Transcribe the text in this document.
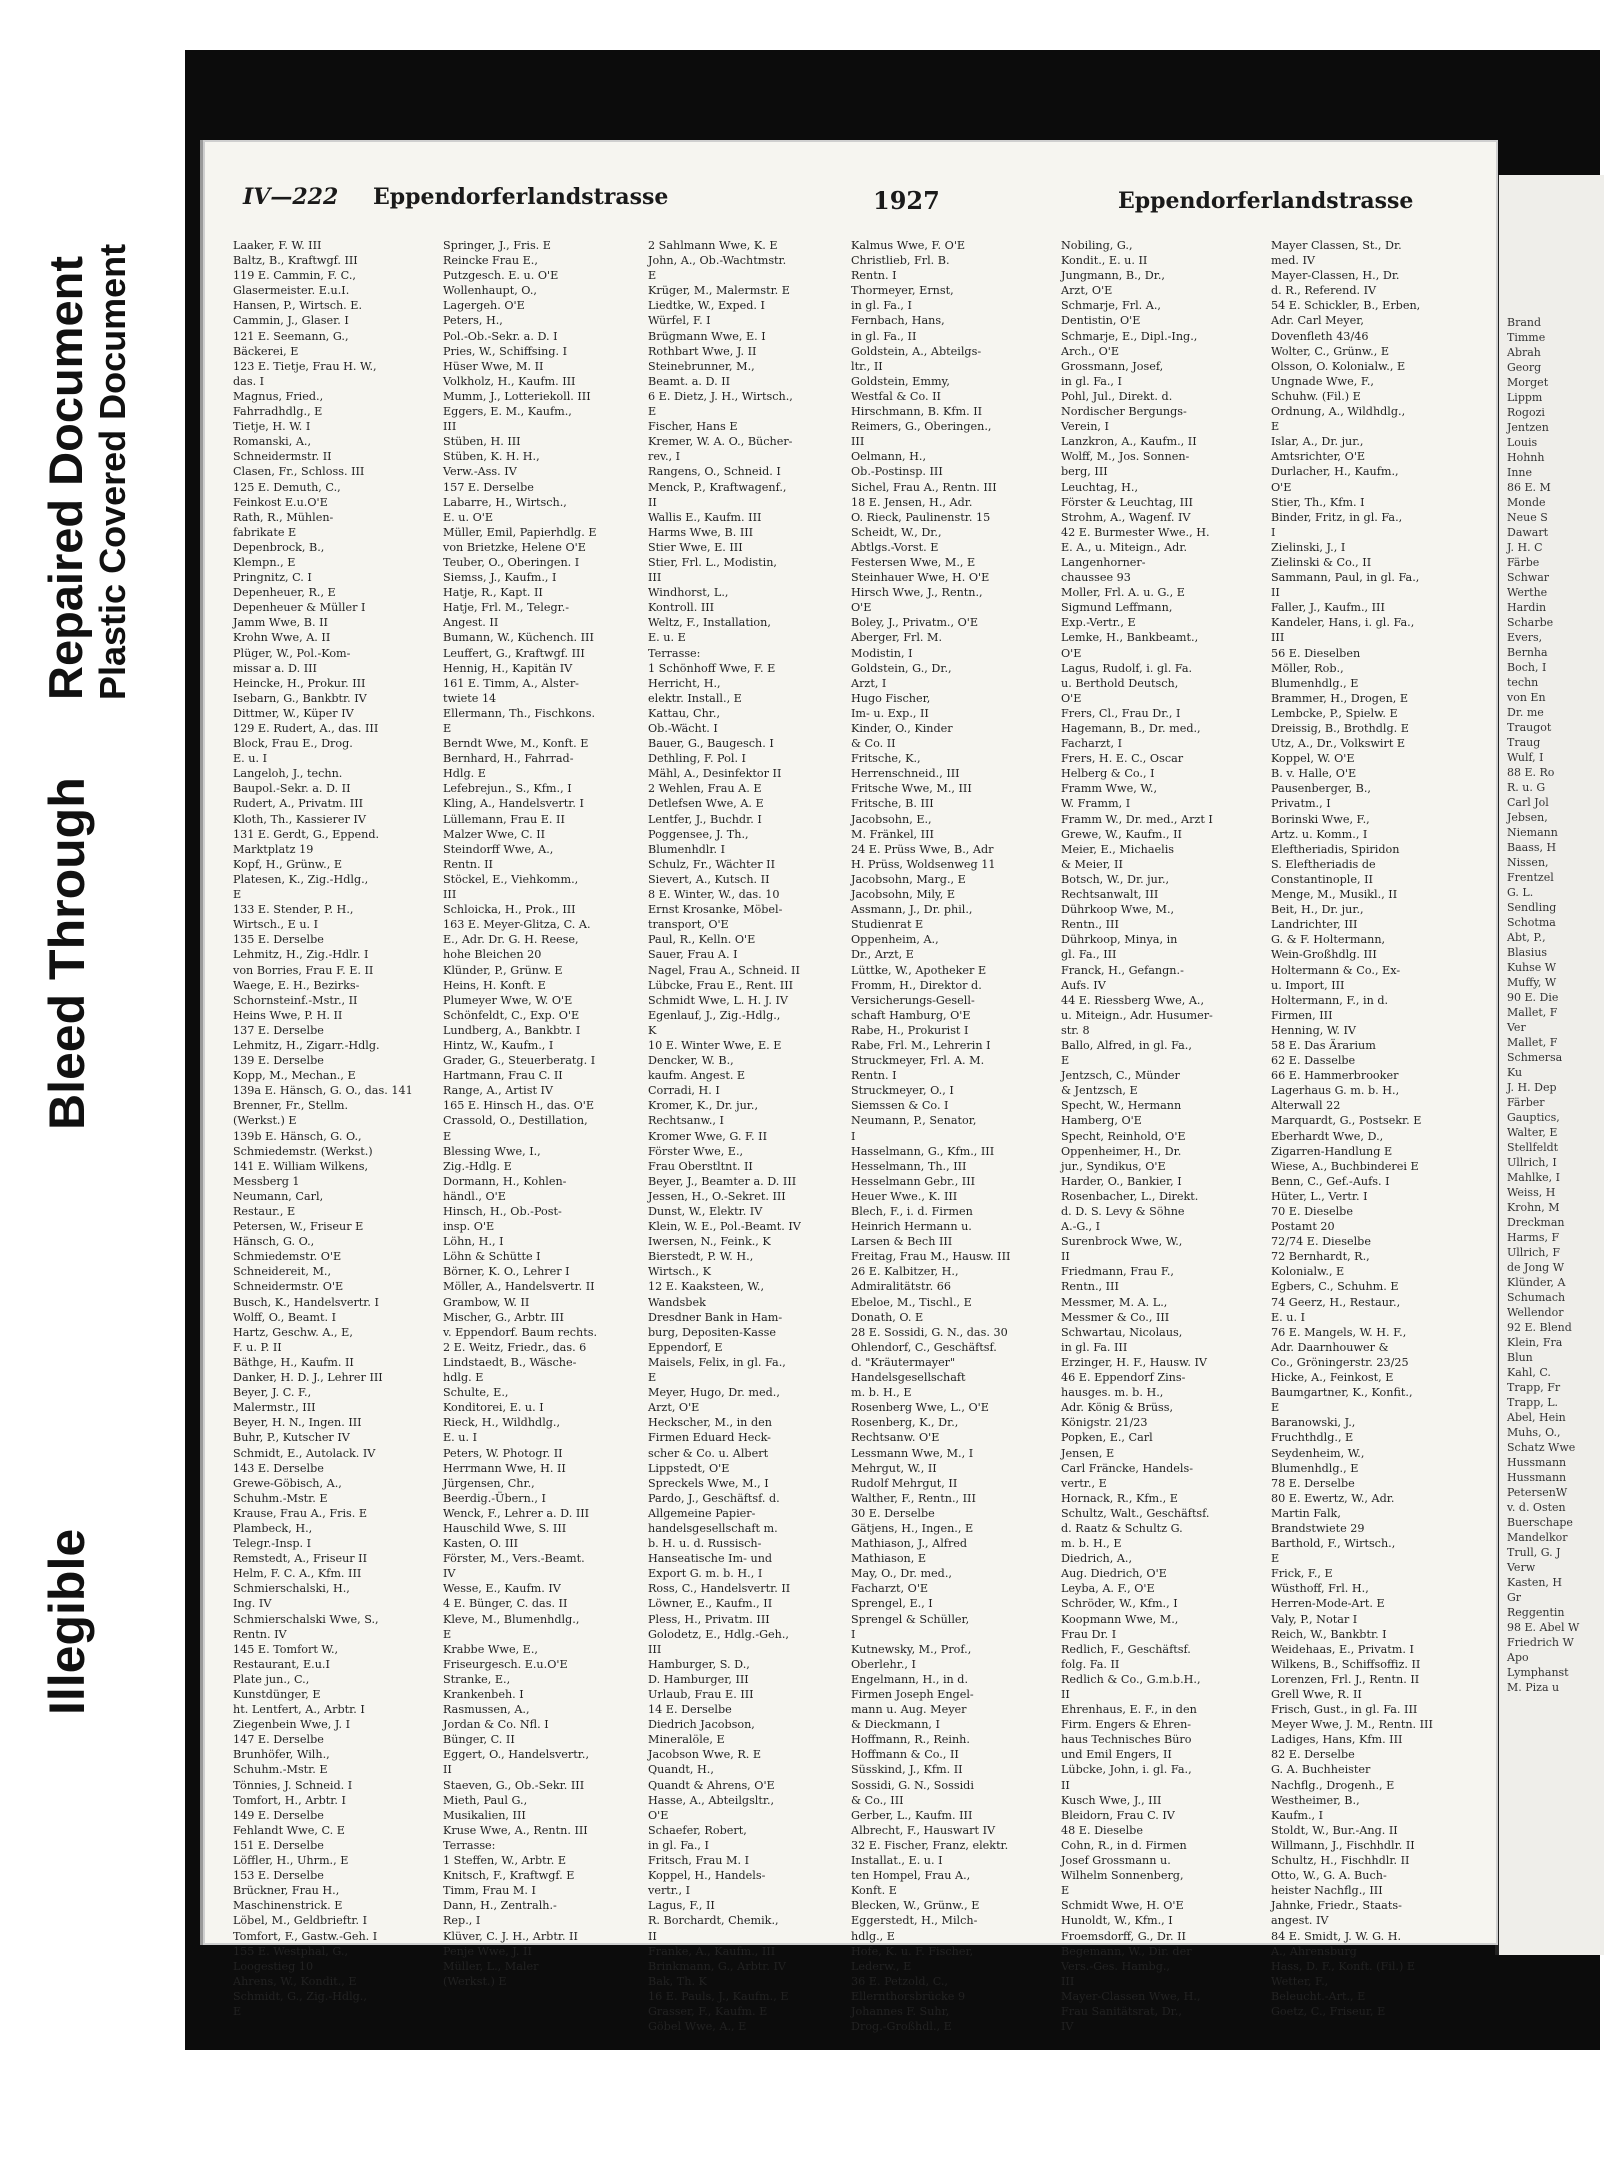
Illegible
Bleed Through
Repaired Document Plastic Covered Document	Brand
Timme
Abrah
Georg
Morget
Lippm
Rogozi
Jentzen
Louis
Hohnh
Inne
86 E. M
Monde
Neue S
Dawart
J. H. C
Färbe
Schwar
Werthe
Hardin
Scharbe
Evers,
Bernha
Boch, I
techn
von En
Dr. me
Traugot
Traug
Wulf, I
88 E. Ro
R. u. G
Carl Jol
Jebsen,
Niemann
Baass, H
Nissen,
Frentzel
G. L.
Sendling
Schotma
Abt, P.,
Blasius
Kuhse W
Muffy, W
90 E. Die
Mallet, F
Ver
Mallet, F
Schmersa
Ku
J. H. Dep
Färber
Gauptics,
Walter, E
Stellfeldt
Ullrich, I
Mahlke, I
Weiss, H
Krohn, M
Dreckman
Harms, F
Ullrich, F
de Jong W
Klünder, A
Schumach
Wellendor
92 E. Blend
Klein, Fra
Blun
Kahl, C.
Trapp, Fr
Trapp, L.
Abel, Hein
Muhs, O.,
Schatz Wwe
Hussmann
Hussmann
PetersenW
v. d. Osten
Buerschape
Mandelkor
Trull, G. J
Verw
Kasten, H
Gr
Reggentin
98 E. Abel W
Friedrich W
Apo
Lymphanst
M. Piza u
IV—222 Eppendorferlandstrasse	1927	Eppendorferlandstrasse
Laaker, F. W. III
Baltz, B., Kraftwgf. III
119 E. Cammin, F. C.,
Glasermeister. E.u.I.
Hansen, P., Wirtsch. E.
Cammin, J., Glaser. I
121 E. Seemann, G.,
Bäckerei, E
123 E. Tietje, Frau H. W.,
das. I
Magnus, Fried.,
Fahrradhdlg., E
Tietje, H. W. I
Romanski, A.,
Schneidermstr. II
Clasen, Fr., Schloss. III
125 E. Demuth, C.,
Feinkost E.u.O'E
Rath, R., Mühlen-
fabrikate E
Depenbrock, B.,
Klempn., E
Pringnitz, C. I
Depenheuer, R., E
Depenheuer & Müller I
Jamm Wwe, B. II
Krohn Wwe, A. II
Plüger, W., Pol.-Kom-
missar a. D. III
Heincke, H., Prokur. III
Isebarn, G., Bankbtr. IV
Dittmer, W., Küper IV
129 E. Rudert, A., das. III
Block, Frau E., Drog.
E. u. I
Langeloh, J., techn.
Baupol.-Sekr. a. D. II
Rudert, A., Privatm. III
Kloth, Th., Kassierer IV
131 E. Gerdt, G., Eppend.
Marktplatz 19
Kopf, H., Grünw., E
Platesen, K., Zig.-Hdlg.,
E
133 E. Stender, P. H.,
Wirtsch., E u. I
135 E. Derselbe
Lehmitz, H., Zig.-Hdlr. I
von Borries, Frau F. E. II
Waege, E. H., Bezirks-
Schornsteinf.-Mstr., II
Heins Wwe, P. H. II
137 E. Derselbe
Lehmitz, H., Zigarr.-Hdlg.
139 E. Derselbe
Kopp, M., Mechan., E
139a E. Hänsch, G. O., das. 141
Brenner, Fr., Stellm.
(Werkst.) E
139b E. Hänsch, G. O.,
Schmiedemstr. (Werkst.)
141 E. William Wilkens,
Messberg 1
Neumann, Carl,
Restaur., E
Petersen, W., Friseur E
Hänsch, G. O.,
Schmiedemstr. O'E
Schneidereit, M.,
Schneidermstr. O'E
Busch, K., Handelsvertr. I
Wolff, O., Beamt. I
Hartz, Geschw. A., E,
F. u. P. II
Bäthge, H., Kaufm. II
Danker, H. D. J., Lehrer III
Beyer, J. C. F.,
Malermstr., III
Beyer, H. N., Ingen. III
Buhr, P., Kutscher IV
Schmidt, E., Autolack. IV
143 E. Derselbe
Grewe-Göbisch, A.,
Schuhm.-Mstr. E
Krause, Frau A., Fris. E
Plambeck, H.,
Telegr.-Insp. I
Remstedt, A., Friseur II
Helm, F. C. A., Kfm. III
Schmierschalski, H.,
Ing. IV
Schmierschalski Wwe, S.,
Rentn. IV
145 E. Tomfort W.,
Restaurant, E.u.I
Plate jun., C.,
Kunstdünger, E
ht. Lentfert, A., Arbtr. I
Ziegenbein Wwe, J. I
147 E. Derselbe
Brunhöfer, Wilh.,
Schuhm.-Mstr. E
Tönnies, J. Schneid. I
Tomfort, H., Arbtr. I
149 E. Derselbe
Fehlandt Wwe, C. E
151 E. Derselbe
Löffler, H., Uhrm., E
153 E. Derselbe
Brückner, Frau H.,
Maschinenstrick. E
Löbel, M., Geldbrieftr. I
Tomfort, F., Gastw.-Geh. I
155 E. Westphal, G.,
Loogestieg 10
Ahrens, W., Kondit., E
Schmidt, G., Zig.-Hdlg.,
E
Springer, J., Fris. E
Reincke Frau E.,
Putzgesch. E. u. O'E
Wollenhaupt, O.,
Lagergeh. O'E
Peters, H.,
Pol.-Ob.-Sekr. a. D. I
Pries, W., Schiffsing. I
Hüser Wwe, M. II
Volkholz, H., Kaufm. III
Mumm, J., Lotteriekoll. III
Eggers, E. M., Kaufm.,
III
Stüben, H. III
Stüben, K. H. H.,
Verw.-Ass. IV
157 E. Derselbe
Labarre, H., Wirtsch.,
E. u. O'E
Müller, Emil, Papierhdlg. E
von Brietzke, Helene O'E
Teuber, O., Oberingen. I
Siemss, J., Kaufm., I
Hatje, R., Kapt. II
Hatje, Frl. M., Telegr.-
Angest. II
Bumann, W., Küchench. III
Leuffert, G., Kraftwgf. III
Hennig, H., Kapitän IV
161 E. Timm, A., Alster-
twiete 14
Ellermann, Th., Fischkons.
E
Berndt Wwe, M., Konft. E
Bernhard, H., Fahrrad-
Hdlg. E
Lefebrejun., S., Kfm., I
Kling, A., Handelsvertr. I
Lüllemann, Frau E. II
Malzer Wwe, C. II
Steindorff Wwe, A.,
Rentn. II
Stöckel, E., Viehkomm.,
III
Schloicka, H., Prok., III
163 E. Meyer-Glitza, C. A.
E., Adr. Dr. G. H. Reese,
hohe Bleichen 20
Klünder, P., Grünw. E
Heins, H. Konft. E
Plumeyer Wwe, W. O'E
Schönfeldt, C., Exp. O'E
Lundberg, A., Bankbtr. I
Hintz, W., Kaufm., I
Grader, G., Steuerberatg. I
Hartmann, Frau C. II
Range, A., Artist IV
165 E. Hinsch H., das. O'E
Crassold, O., Destillation,
E
Blessing Wwe, I.,
Zig.-Hdlg. E
Dormann, H., Kohlen-
händl., O'E
Hinsch, H., Ob.-Post-
insp. O'E
Löhn, H., I
Löhn & Schütte I
Börner, K. O., Lehrer I
Möller, A., Handelsvertr. II
Grambow, W. II
Mischer, G., Arbtr. III
v. Eppendorf. Baum rechts.
2 E. Weitz, Friedr., das. 6
Lindstaedt, B., Wäsche-
hdlg. E
Schulte, E.,
Konditorei, E. u. I
Rieck, H., Wildhdlg.,
E. u. I
Peters, W. Photogr. II
Herrmann Wwe, H. II
Jürgensen, Chr.,
Beerdig.-Übern., I
Wenck, F., Lehrer a. D. III
Hauschild Wwe, S. III
Kasten, O. III
Förster, M., Vers.-Beamt.
IV
Wesse, E., Kaufm. IV
4 E. Bünger, C. das. II
Kleve, M., Blumenhdlg.,
E
Krabbe Wwe, E.,
Friseurgesch. E.u.O'E
Stranke, E.,
Krankenbeh. I
Rasmussen, A.,
Jordan & Co. Nfl. I
Bünger, C. II
Eggert, O., Handelsvertr.,
II
Staeven, G., Ob.-Sekr. III
Mieth, Paul G.,
Musikalien, III
Kruse Wwe, A., Rentn. III
Terrasse:
1 Steffen, W., Arbtr. E
Knitsch, F., Kraftwgf. E
Timm, Frau M. I
Dann, H., Zentralh.-
Rep., I
Klüver, C. J. H., Arbtr. II
Penje Wwe, J. II
Müller, L., Maler
(Werkst.) E
2 Sahlmann Wwe, K. E
John, A., Ob.-Wachtmstr.
E
Krüger, M., Malermstr. E
Liedtke, W., Exped. I
Würfel, F. I
Brügmann Wwe, E. I
Rothbart Wwe, J. II
Steinebrunner, M.,
Beamt. a. D. II
6 E. Dietz, J. H., Wirtsch.,
E
Fischer, Hans E
Kremer, W. A. O., Bücher-
rev., I
Rangens, O., Schneid. I
Menck, P., Kraftwagenf.,
II
Wallis E., Kaufm. III
Harms Wwe, B. III
Stier Wwe, E. III
Stier, Frl. L., Modistin,
III
Windhorst, L.,
Kontroll. III
Weltz, F., Installation,
E. u. E
Terrasse:
1 Schönhoff Wwe, F. E
Herricht, H.,
elektr. Install., E
Kattau, Chr.,
Ob.-Wächt. I
Bauer, G., Baugesch. I
Dethling, F. Pol. I
Mähl, A., Desinfektor II
2 Wehlen, Frau A. E
Detlefsen Wwe, A. E
Lentfer, J., Buchdr. I
Poggensee, J. Th.,
Blumenhdlr. I
Schulz, Fr., Wächter II
Sievert, A., Kutsch. II
8 E. Winter, W., das. 10
Ernst Krosanke, Möbel-
transport, O'E
Paul, R., Kelln. O'E
Sauer, Frau A. I
Nagel, Frau A., Schneid. II
Lübcke, Frau E., Rent. III
Schmidt Wwe, L. H. J. IV
Egenlauf, J., Zig.-Hdlg.,
K
10 E. Winter Wwe, E. E
Dencker, W. B.,
kaufm. Angest. E
Corradi, H. I
Kromer, K., Dr. jur.,
Rechtsanw., I
Kromer Wwe, G. F. II
Förster Wwe, E.,
Frau Oberstltnt. II
Beyer, J., Beamter a. D. III
Jessen, H., O.-Sekret. III
Dunst, W., Elektr. IV
Klein, W. E., Pol.-Beamt. IV
Iwersen, N., Feink., K
Bierstedt, P. W. H.,
Wirtsch., K
12 E. Kaaksteen, W.,
Wandsbek
Dresdner Bank in Ham-
burg, Depositen-Kasse
Eppendorf, E
Maisels, Felix, in gl. Fa.,
E
Meyer, Hugo, Dr. med.,
Arzt, O'E
Heckscher, M., in den
Firmen Eduard Heck-
scher & Co. u. Albert
Lippstedt, O'E
Spreckels Wwe, M., I
Pardo, J., Geschäftsf. d.
Allgemeine Papier-
handelsgesellschaft m.
b. H. u. d. Russisch-
Hanseatische Im- und
Export G. m. b. H., I
Ross, C., Handelsvertr. II
Löwner, E., Kaufm., II
Pless, H., Privatm. III
Golodetz, E., Hdlg.-Geh.,
III
Hamburger, S. D.,
D. Hamburger, III
Urlaub, Frau E. III
14 E. Derselbe
Diedrich Jacobson,
Mineralöle, E
Jacobson Wwe, R. E
Quandt, H.,
Quandt & Ahrens, O'E
Hasse, A., Abteilgsltr.,
O'E
Schaefer, Robert,
in gl. Fa., I
Fritsch, Frau M. I
Koppel, H., Handels-
vertr., I
Lagus, F., II
R. Borchardt, Chemik.,
II
Franke, A., Kaufm., III
Brinkmann, G., Arbtr. IV
Bak, Th. K
16 E. Pauls, J., Kaufm., E
Grasser, F., Kaufm. E
Göbel Wwe, A., E
Kalmus Wwe, F. O'E
Christlieb, Frl. B.
Rentn. I
Thormeyer, Ernst,
in gl. Fa., I
Fernbach, Hans,
in gl. Fa., II
Goldstein, A., Abteilgs-
ltr., II
Goldstein, Emmy,
Westfal & Co. II
Hirschmann, B. Kfm. II
Reimers, G., Oberingen.,
III
Oelmann, H.,
Ob.-Postinsp. III
Sichel, Frau A., Rentn. III
18 E. Jensen, H., Adr.
O. Rieck, Paulinenstr. 15
Scheidt, W., Dr.,
Abtlgs.-Vorst. E
Festersen Wwe, M., E
Steinhauer Wwe, H. O'E
Hirsch Wwe, J., Rentn.,
O'E
Boley, J., Privatm., O'E
Aberger, Frl. M.
Modistin, I
Goldstein, G., Dr.,
Arzt, I
Hugo Fischer,
Im- u. Exp., II
Kinder, O., Kinder
& Co. II
Fritsche, K.,
Herrenschneid., III
Fritsche Wwe, M., III
Fritsche, B. III
Jacobsohn, E.,
M. Fränkel, III
24 E. Prüss Wwe, B., Adr
H. Prüss, Woldsenweg 11
Jacobsohn, Marg., E
Jacobsohn, Mily, E
Assmann, J., Dr. phil.,
Studienrat E
Oppenheim, A.,
Dr., Arzt, E
Lüttke, W., Apotheker E
Fromm, H., Direktor d.
Versicherungs-Gesell-
schaft Hamburg, O'E
Rabe, H., Prokurist I
Rabe, Frl. M., Lehrerin I
Struckmeyer, Frl. A. M.
Rentn. I
Struckmeyer, O., I
Siemssen & Co. I
Neumann, P., Senator,
I
Hasselmann, G., Kfm., III
Hesselmann, Th., III
Hesselmann Gebr., III
Heuer Wwe., K. III
Blech, F., i. d. Firmen
Heinrich Hermann u.
Larsen & Bech III
Freitag, Frau M., Hausw. III
26 E. Kalbitzer, H.,
Admiralitätstr. 66
Ebeloe, M., Tischl., E
Donath, O. E
28 E. Sossidi, G. N., das. 30
Ohlendorf, C., Geschäftsf.
d. "Kräutermayer"
Handelsgesellschaft
m. b. H., E
Rosenberg Wwe, L., O'E
Rosenberg, K., Dr.,
Rechtsanw. O'E
Lessmann Wwe, M., I
Mehrgut, W., II
Rudolf Mehrgut, II
Walther, F., Rentn., III
30 E. Derselbe
Gätjens, H., Ingen., E
Mathiason, J., Alfred
Mathiason, E
May, O., Dr. med.,
Facharzt, O'E
Sprengel, E., I
Sprengel & Schüller,
I
Kutnewsky, M., Prof.,
Oberlehr., I
Engelmann, H., in d.
Firmen Joseph Engel-
mann u. Aug. Meyer
& Dieckmann, I
Hoffmann, R., Reinh.
Hoffmann & Co., II
Süsskind, J., Kfm. II
Sossidi, G. N., Sossidi
& Co., III
Gerber, L., Kaufm. III
Albrecht, F., Hauswart IV
32 E. Fischer, Franz, elektr.
Installat., E. u. I
ten Hompel, Frau A.,
Konft. E
Blecken, W., Grünw., E
Eggerstedt, H., Milch-
hdlg., E
Hofe, K. u. F. Fischer,
Lederw., E
36 E. Petzold, C.,
Ellernthorsbrücke 9
Johannes F. Suhr,
Drog.-Großhdl., E
Nobiling, G.,
Kondit., E. u. II
Jungmann, B., Dr.,
Arzt, O'E
Schmarje, Frl. A.,
Dentistin, O'E
Schmarje, E., Dipl.-Ing.,
Arch., O'E
Grossmann, Josef,
in gl. Fa., I
Pohl, Jul., Direkt. d.
Nordischer Bergungs-
Verein, I
Lanzkron, A., Kaufm., II
Wolff, M., Jos. Sonnen-
berg, III
Leuchtag, H.,
Förster & Leuchtag, III
Strohm, A., Wagenf. IV
42 E. Burmester Wwe., H.
E. A., u. Miteign., Adr.
Langenhorner-
chaussee 93
Moller, Frl. A. u. G., E
Sigmund Leffmann,
Exp.-Vertr., E
Lemke, H., Bankbeamt.,
O'E
Lagus, Rudolf, i. gl. Fa.
u. Berthold Deutsch,
O'E
Frers, Cl., Frau Dr., I
Hagemann, B., Dr. med.,
Facharzt, I
Frers, H. E. C., Oscar
Helberg & Co., I
Framm Wwe, W.,
W. Framm, I
Framm W., Dr. med., Arzt I
Grewe, W., Kaufm., II
Meier, E., Michaelis
& Meier, II
Botsch, W., Dr. jur.,
Rechtsanwalt, III
Dührkoop Wwe, M.,
Rentn., III
Dührkoop, Minya, in
gl. Fa., III
Franck, H., Gefangn.-
Aufs. IV
44 E. Riessberg Wwe, A.,
u. Miteign., Adr. Husumer-
str. 8
Ballo, Alfred, in gl. Fa.,
E
Jentzsch, C., Münder
& Jentzsch, E
Specht, W., Hermann
Hamberg, O'E
Specht, Reinhold, O'E
Oppenheimer, H., Dr.
jur., Syndikus, O'E
Harder, O., Bankier, I
Rosenbacher, L., Direkt.
d. D. S. Levy & Söhne
A.-G., I
Surenbrock Wwe, W.,
II
Friedmann, Frau F.,
Rentn., III
Messmer, M. A. L.,
Messmer & Co., III
Schwartau, Nicolaus,
in gl. Fa. III
Erzinger, H. F., Hausw. IV
46 E. Eppendorf Zins-
hausges. m. b. H.,
Adr. König & Brüss,
Königstr. 21/23
Popken, E., Carl
Jensen, E
Carl Fräncke, Handels-
vertr., E
Hornack, R., Kfm., E
Schultz, Walt., Geschäftsf.
d. Raatz & Schultz G.
m. b. H., E
Diedrich, A.,
Aug. Diedrich, O'E
Leyba, A. F., O'E
Schröder, W., Kfm., I
Koopmann Wwe, M.,
Frau Dr. I
Redlich, F., Geschäftsf.
folg. Fa. II
Redlich & Co., G.m.b.H.,
II
Ehrenhaus, E. F., in den
Firm. Engers & Ehren-
haus Technisches Büro
und Emil Engers, II
Lübcke, John, i. gl. Fa.,
II
Kusch Wwe, J., III
Bleidorn, Frau C. IV
48 E. Dieselbe
Cohn, R., in d. Firmen
Josef Grossmann u.
Wilhelm Sonnenberg,
E
Schmidt Wwe, H. O'E
Hunoldt, W., Kfm., I
Froemsdorff, G., Dr. II
Begemann, W., Dir. der
Vers.-Ges. Hambg.,
III
Mayer-Classen Wwe, H.,
Frau Sanitätsrat, Dr.,
IV
Mayer Classen, St., Dr.
med. IV
Mayer-Classen, H., Dr.
d. R., Referend. IV
54 E. Schickler, B., Erben,
Adr. Carl Meyer,
Dovenfleth 43/46
Wolter, C., Grünw., E
Olsson, O. Kolonialw., E
Ungnade Wwe, F.,
Schuhw. (Fil.) E
Ordnung, A., Wildhdlg.,
E
Islar, A., Dr. jur.,
Amtsrichter, O'E
Durlacher, H., Kaufm.,
O'E
Stier, Th., Kfm. I
Binder, Fritz, in gl. Fa.,
I
Zielinski, J., I
Zielinski & Co., II
Sammann, Paul, in gl. Fa.,
II
Faller, J., Kaufm., III
Kandeler, Hans, i. gl. Fa.,
III
56 E. Dieselben
Möller, Rob.,
Blumenhdlg., E
Brammer, H., Drogen, E
Lembcke, P., Spielw. E
Dreissig, B., Brothdlg. E
Utz, A., Dr., Volkswirt E
Koppel, W. O'E
B. v. Halle, O'E
Pausenberger, B.,
Privatm., I
Borinski Wwe, F.,
Artz. u. Komm., I
Eleftheriadis, Spiridon
S. Eleftheriadis de
Constantinople, II
Menge, M., Musikl., II
Beit, H., Dr. jur.,
Landrichter, III
G. & F. Holtermann,
Wein-Großhdlg. III
Holtermann & Co., Ex-
u. Import, III
Holtermann, F., in d.
Firmen, III
Henning, W. IV
58 E. Das Ärarium
62 E. Dasselbe
66 E. Hammerbrooker
Lagerhaus G. m. b. H.,
Alterwall 22
Marquardt, G., Postsekr. E
Eberhardt Wwe, D.,
Zigarren-Handlung E
Wiese, A., Buchbinderei E
Benn, C., Gef.-Aufs. I
Hüter, L., Vertr. I
70 E. Dieselbe
Postamt 20
72/74 E. Dieselbe
72 Bernhardt, R.,
Kolonialw., E
Egbers, C., Schuhm. E
74 Geerz, H., Restaur.,
E. u. I
76 E. Mangels, W. H. F.,
Adr. Daarnhouwer &
Co., Gröningerstr. 23/25
Hicke, A., Feinkost, E
Baumgartner, K., Konfit.,
E
Baranowski, J.,
Fruchthdlg., E
Seydenheim, W.,
Blumenhdlg., E
78 E. Derselbe
80 E. Ewertz, W., Adr.
Martin Falk,
Brandstwiete 29
Barthold, F., Wirtsch.,
E
Frick, F., E
Wüsthoff, Frl. H.,
Herren-Mode-Art. E
Valy, P., Notar I
Reich, W., Bankbtr. I
Weidehaas, E., Privatm. I
Wilkens, B., Schiffsoffiz. II
Lorenzen, Frl. J., Rentn. II
Grell Wwe, R. II
Frisch, Gust., in gl. Fa. III
Meyer Wwe, J. M., Rentn. III
Ladiges, Hans, Kfm. III
82 E. Derselbe
G. A. Buchheister
Nachflg., Drogenh., E
Westheimer, B.,
Kaufm., I
Stoldt, W., Bur.-Ang. II
Willmann, J., Fischhdlr. II
Schultz, H., Fischhdlr. II
Otto, W., G. A. Buch-
heister Nachflg., III
Jahnke, Friedr., Staats-
angest. IV
84 E. Smidt, J. W. G. H.
A., Ahrensburg
Hass, D. F., Konft. (Fil.) E
Wetter, F.,
Beleucht.-Art., E
Goetz, C., Friseur, E
